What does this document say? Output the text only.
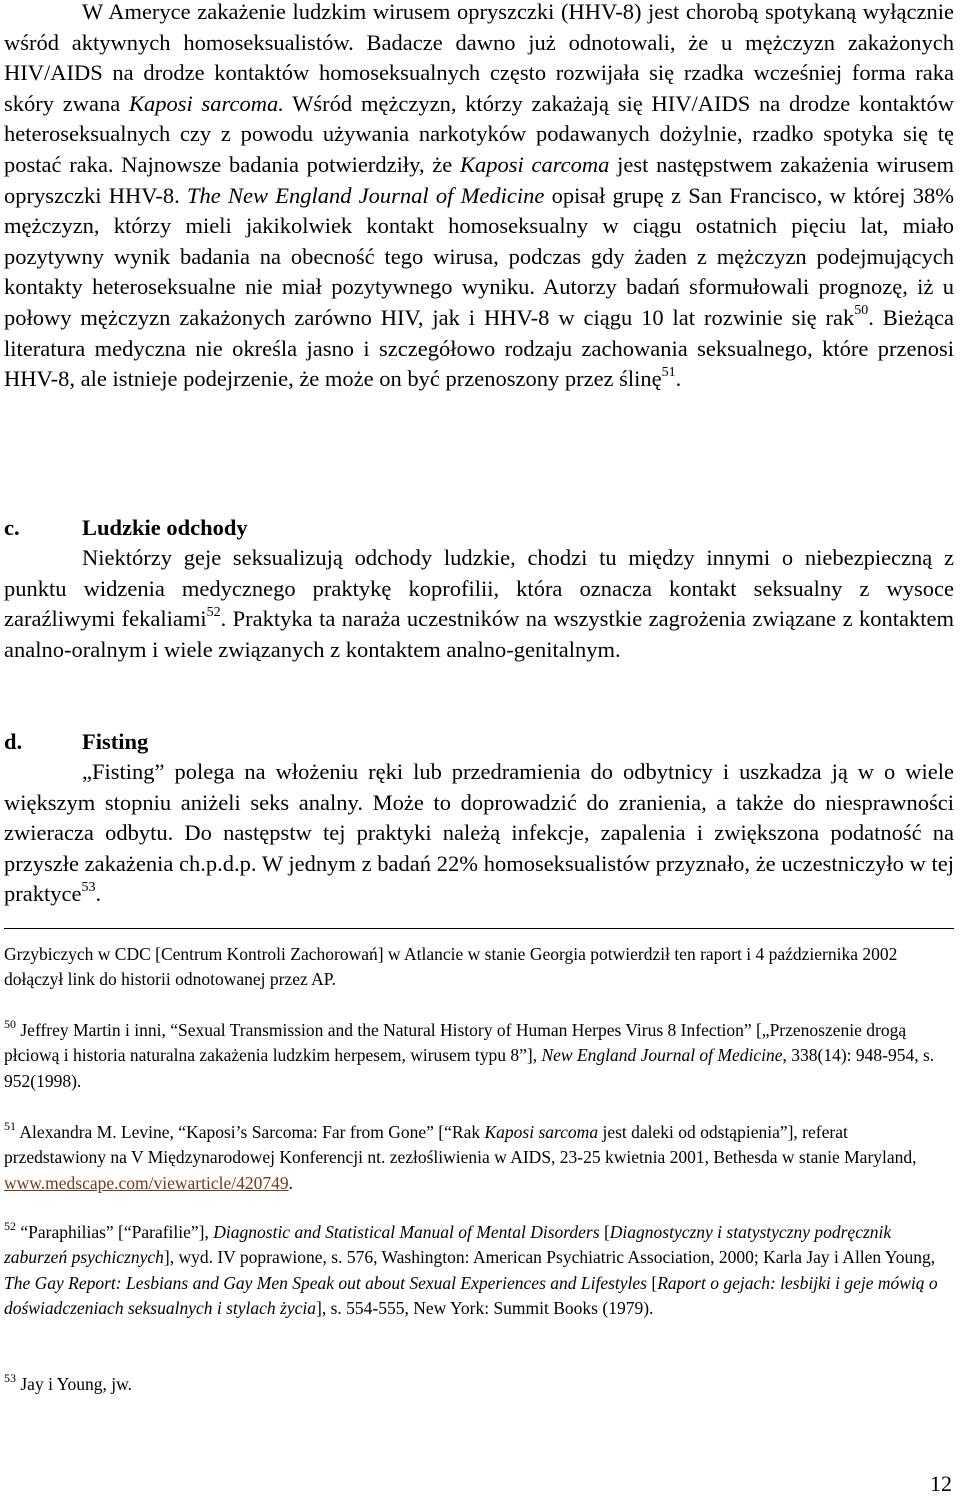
W Ameryce zakażenie ludzkim wirusem opryszczki (HHV-8) jest chorobą spotykaną wyłącznie wśród aktywnych homoseksualistów. Badacze dawno już odnotowali, że u mężczyzn zakażonych HIV/AIDS na drodze kontaktów homoseksualnych często rozwijała się rzadka wcześniej forma raka skóry zwana Kaposi sarcoma. Wśród mężczyzn, którzy zakażają się HIV/AIDS na drodze kontaktów heteroseksualnych czy z powodu używania narkotyków podawanych dożylnie, rzadko spotyka się tę postać raka. Najnowsze badania potwierdziły, że Kaposi carcoma jest następstwem zakażenia wirusem opryszczki HHV-8. The New England Journal of Medicine opisał grupę z San Francisco, w której 38% mężczyzn, którzy mieli jakikolwiek kontakt homoseksualny w ciągu ostatnich pięciu lat, miało pozytywny wynik badania na obecność tego wirusa, podczas gdy żaden z mężczyzn podejmujących kontakty heteroseksualne nie miał pozytywnego wyniku. Autorzy badań sformułowali prognozę, iż u połowy mężczyzn zakażonych zarówno HIV, jak i HHV-8 w ciągu 10 lat rozwinie się rak$^{50}$. Bieżąca literatura medyczna nie określa jasno i szczegółowo rodzaju zachowania seksualnego, które przenosi HHV-8, ale istnieje podejrzenie, że może on być przenoszony przez ślinę$^{51}$.

c.	Ludzkie odchody

Niektórzy geje seksualizują odchody ludzkie, chodzi tu między innymi o niebezpieczną z punktu widzenia medycznego praktykę koprofilii, która oznacza kontakt seksualny z wysoce zaraźliwymi fekaliami$^{52}$. Praktyka ta naraża uczestników na wszystkie zagrożenia związane z kontaktem analno-oralnym i wiele związanych z kontaktem analno-genitalnym.

d.	Fisting

„Fisting” polega na włożeniu ręki lub przedramienia do odbytnicy i uszkadza ją w o wiele większym stopniu aniżeli seks analny. Może to doprowadzić do zranienia, a także do niesprawności zwieracza odbytu. Do następstw tej praktyki należą infekcje, zapalenia i zwiększona podatność na przyszłe zakażenia ch.p.d.p. W jednym z badań 22% homoseksualistów przyznało, że uczestniczyło w tej praktyce$^{53}$.

Grzybiczych w CDC [Centrum Kontroli Zachorowań] w Atlancie w stanie Georgia potwierdził ten raport i 4 października 2002 dołączył link do historii odnotowanej przez AP.

$^{50}$ Jeffrey Martin i inni, “Sexual Transmission and the Natural History of Human Herpes Virus 8 Infection” [„Przenoszenie drogą płciową i historia naturalna zakażenia ludzkim herpesem, wirusem typu 8”], New England Journal of Medicine, 338(14): 948-954, s. 952(1998).

$^{51}$ Alexandra M. Levine, “Kaposi’s Sarcoma: Far from Gone” [“Rak Kaposi sarcoma jest daleki od odstąpienia”], referat przedstawiony na V Międzynarodowej Konferencji nt. zezłośliwienia w AIDS, 23-25 kwietnia 2001, Bethesda w stanie Maryland, www.medscape.com/viewarticle/420749.

$^{52}$ “Paraphilias” [“Parafilie”], Diagnostic and Statistical Manual of Mental Disorders [Diagnostyczny i statystyczny podręcznik zaburzeń psychicznych], wyd. IV poprawione, s. 576, Washington: American Psychiatric Association, 2000; Karla Jay i Allen Young, The Gay Report: Lesbians and Gay Men Speak out about Sexual Experiences and Lifestyles [Raport o gejach: lesbijki i geje mówią o doświadczeniach seksualnych i stylach życia], s. 554-555, New York: Summit Books (1979).

$^{53}$ Jay i Young, jw.

12
